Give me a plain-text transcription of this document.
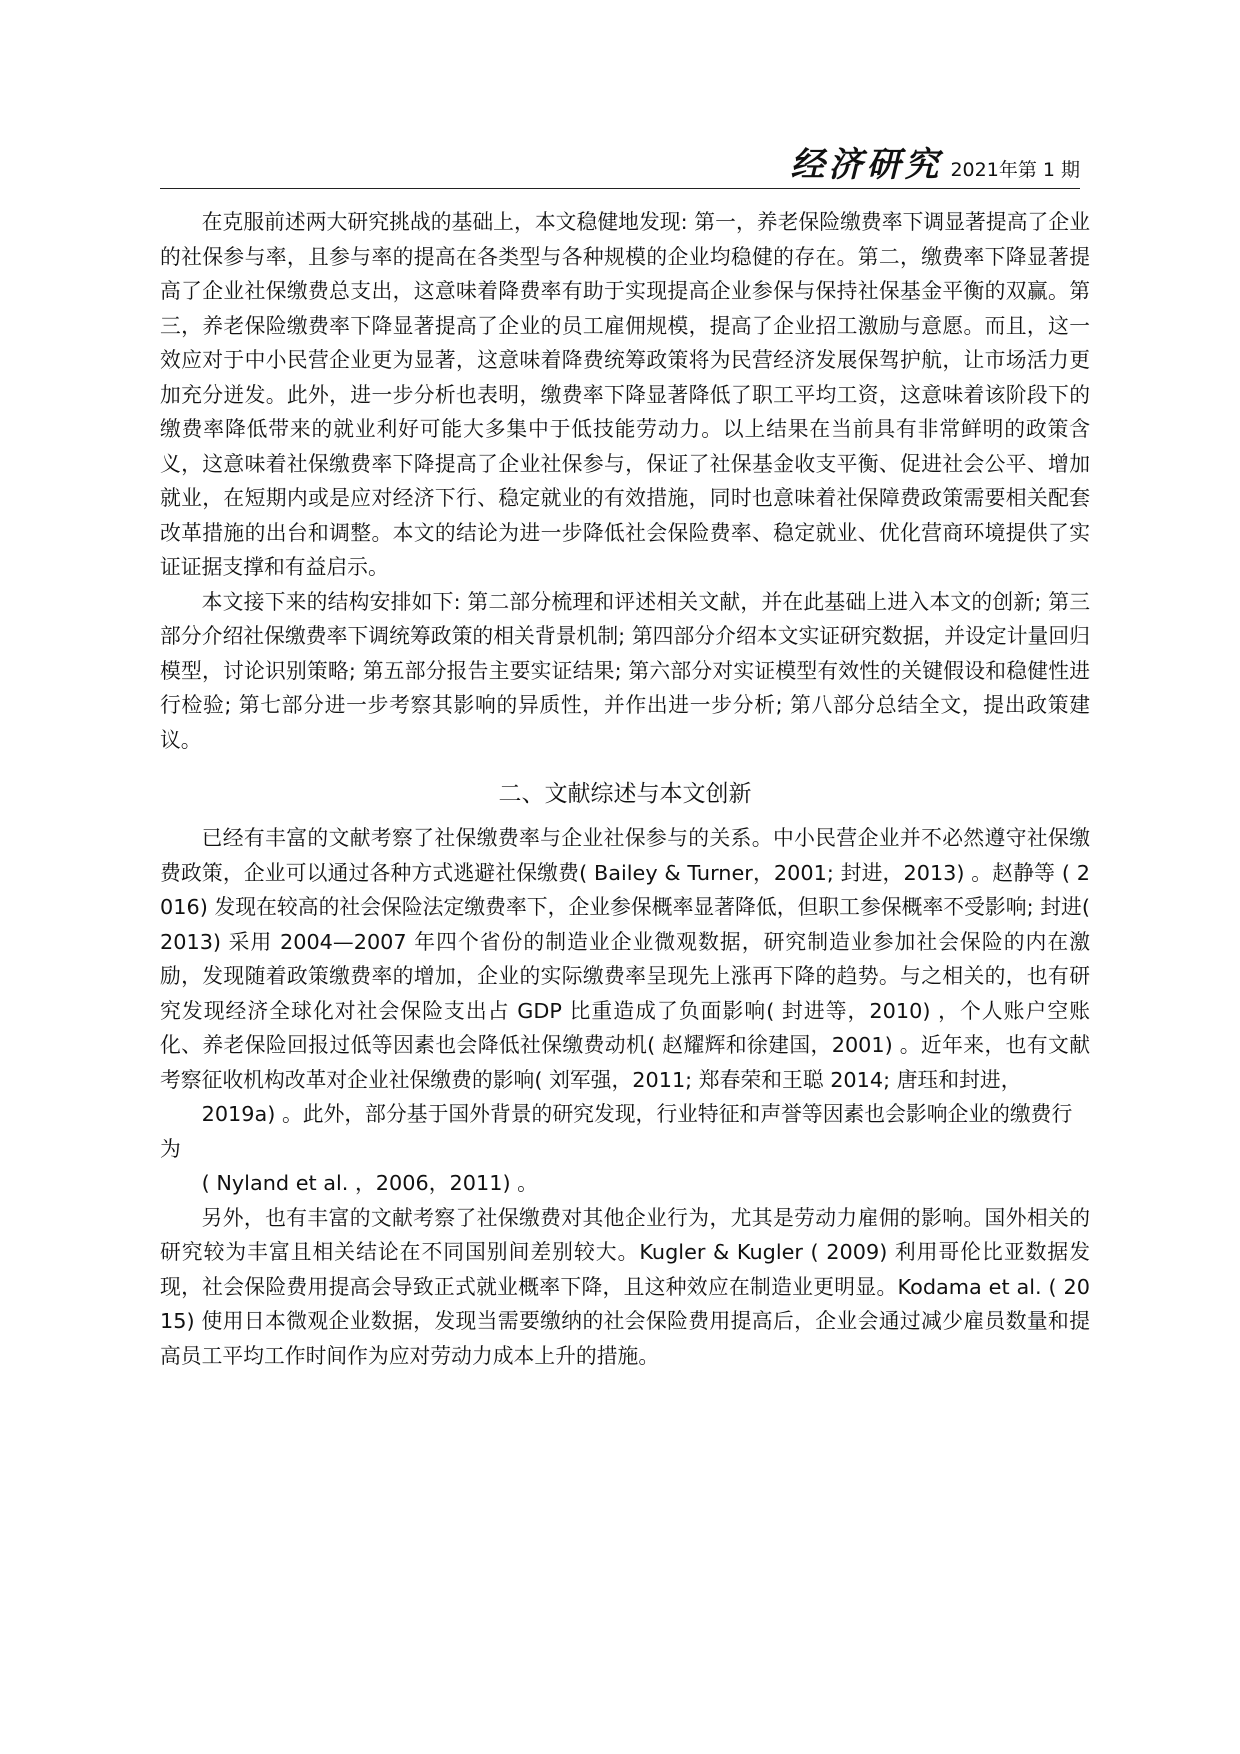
经济研究 2021年第 1 期

在克服前述两大研究挑战的基础上，本文稳健地发现: 第一，养老保险缴费率下调显著提高了企业的社保参与率，且参与率的提高在各类型与各种规模的企业均稳健的存在。第二，缴费率下降显著提高了企业社保缴费总支出，这意味着降费率有助于实现提高企业参保与保持社保基金平衡的双赢。第三，养老保险缴费率下降显著提高了企业的员工雇佣规模，提高了企业招工激励与意愿。而且，这一效应对于中小民营企业更为显著，这意味着降费统筹政策将为民营经济发展保驾护航，让市场活力更加充分迸发。此外，进一步分析也表明，缴费率下降显著降低了职工平均工资，这意味着该阶段下的缴费率降低带来的就业利好可能大多集中于低技能劳动力。以上结果在当前具有非常鲜明的政策含义，这意味着社保缴费率下降提高了企业社保参与，保证了社保基金收支平衡、促进社会公平、增加就业，在短期内或是应对经济下行、稳定就业的有效措施，同时也意味着社保障费政策需要相关配套改革措施的出台和调整。本文的结论为进一步降低社会保险费率、稳定就业、优化营商环境提供了实证证据支撑和有益启示。

本文接下来的结构安排如下: 第二部分梳理和评述相关文献，并在此基础上进入本文的创新; 第三部分介绍社保缴费率下调统筹政策的相关背景机制; 第四部分介绍本文实证研究数据，并设定计量回归模型，讨论识别策略; 第五部分报告主要实证结果; 第六部分对实证模型有效性的关键假设和稳健性进行检验; 第七部分进一步考察其影响的异质性，并作出进一步分析; 第八部分总结全文，提出政策建议。

二、文献综述与本文创新

已经有丰富的文献考察了社保缴费率与企业社保参与的关系。中小民营企业并不必然遵守社保缴费政策，企业可以通过各种方式逃避社保缴费( Bailey & Turner，2001; 封进，2013) 。赵静等 ( 2016) 发现在较高的社会保险法定缴费率下，企业参保概率显著降低，但职工参保概率不受影响; 封进( 2013) 采用 2004—2007 年四个省份的制造业企业微观数据，研究制造业参加社会保险的内在激励，发现随着政策缴费率的增加，企业的实际缴费率呈现先上涨再下降的趋势。与之相关的，也有研究发现经济全球化对社会保险支出占 GDP 比重造成了负面影响( 封进等，2010) ，个人账户空账化、养老保险回报过低等因素也会降低社保缴费动机( 赵耀辉和徐建国，2001) 。近年来，也有文献考察征收机构改革对企业社保缴费的影响( 刘军强，2011; 郑春荣和王聪 2014; 唐珏和封进，
2019a) 。此外，部分基于国外背景的研究发现，行业特征和声誉等因素也会影响企业的缴费行为
( Nyland et al. ，2006，2011) 。

另外，也有丰富的文献考察了社保缴费对其他企业行为，尤其是劳动力雇佣的影响。国外相关的研究较为丰富且相关结论在不同国别间差别较大。Kugler & Kugler ( 2009) 利用哥伦比亚数据发现，社会保险费用提高会导致正式就业概率下降，且这种效应在制造业更明显。Kodama et al. ( 2015) 使用日本微观企业数据，发现当需要缴纳的社会保险费用提高后，企业会通过减少雇员数量和提高员工平均工作时间作为应对劳动力成本上升的措施。
